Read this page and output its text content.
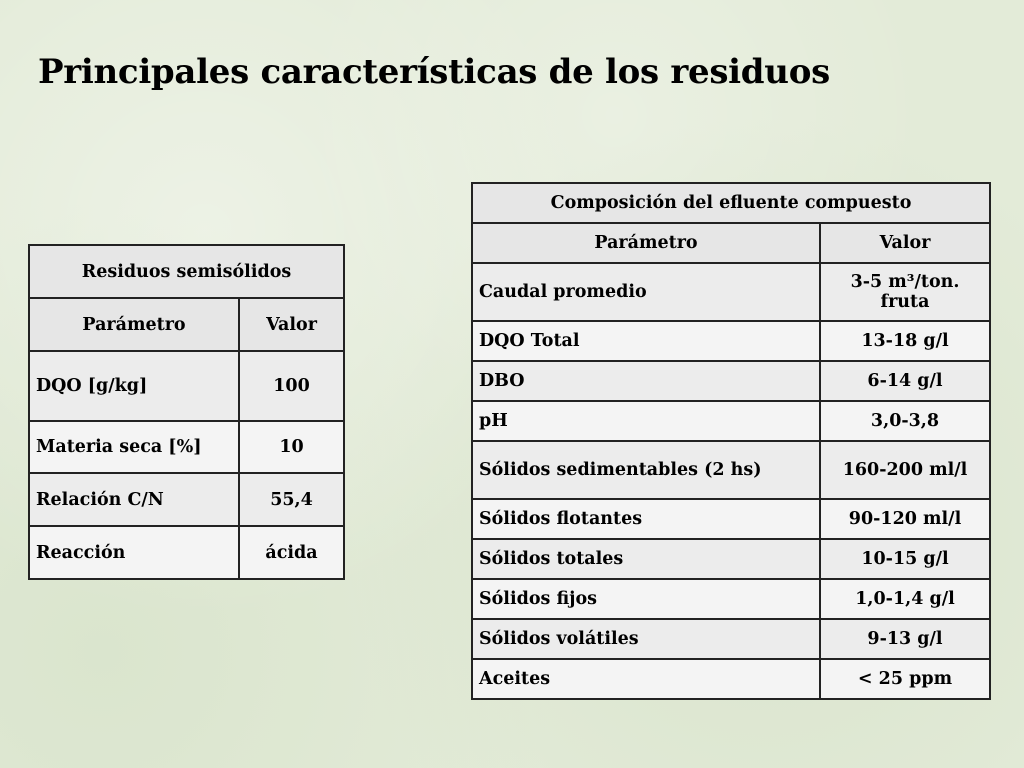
Principales características de los residuos
Residuos semisólidos	
Parámetro	Valor
DQO [g/kg]	100
Materia seca [%]	10
Relación C/N	55,4
Reacción	ácida
Composición del efluente compuesto	
Parámetro	Valor
Caudal promedio	3-5 m³/ton. fruta
DQO Total	13-18 g/l
DBO	6-14 g/l
pH	3,0-3,8
Sólidos sedimentables (2 hs)	160-200 ml/l
Sólidos flotantes	90-120 ml/l
Sólidos totales	10-15 g/l
Sólidos fijos	1,0-1,4 g/l
Sólidos volátiles	9-13 g/l
Aceites	< 25 ppm
